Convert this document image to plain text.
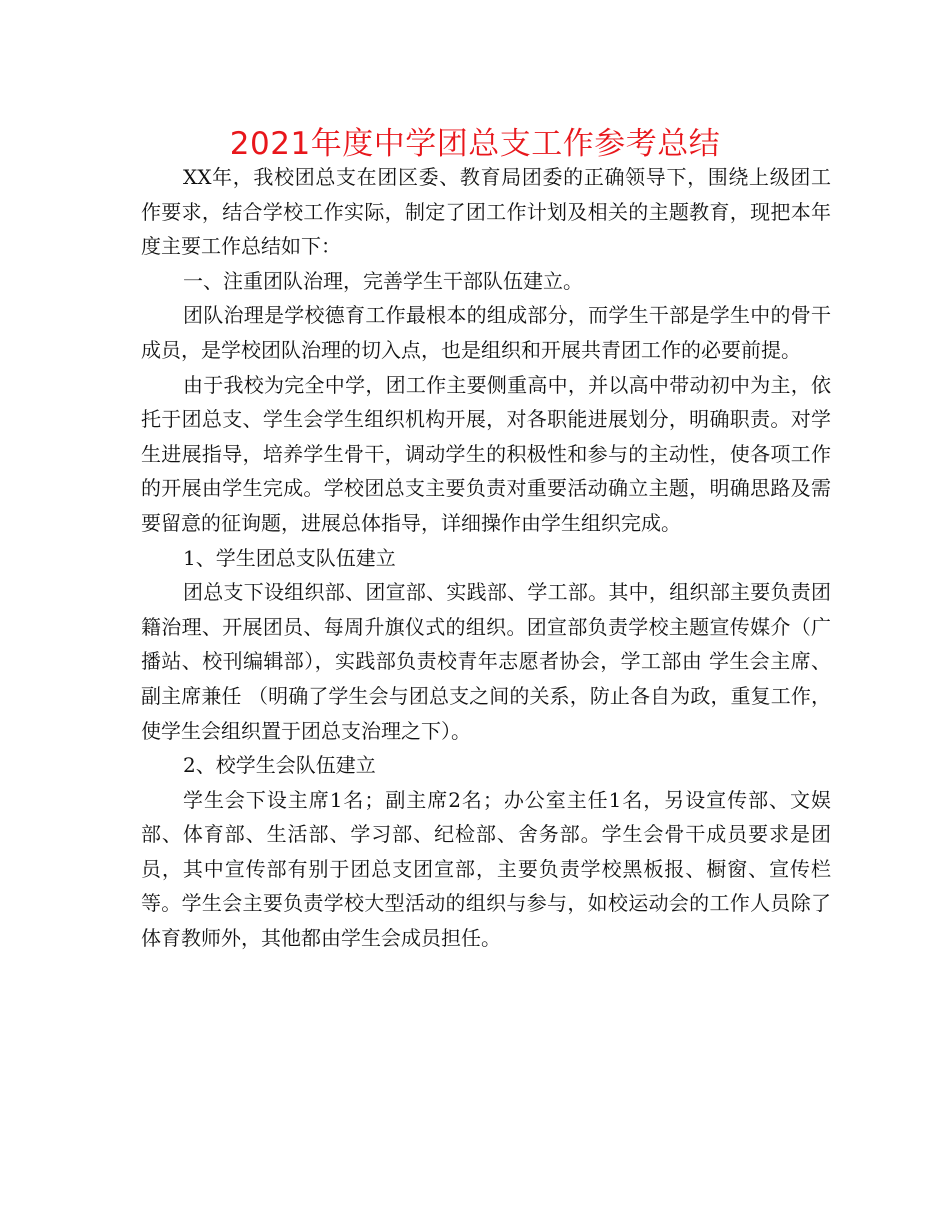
2021年度中学团总支工作参考总结

XX年，我校团总支在团区委、教育局团委的正确领导下，围绕上级团工作要求，结合学校工作实际，制定了团工作计划及相关的主题教育，现把本年度主要工作总结如下：

一、注重团队治理，完善学生干部队伍建立。

团队治理是学校德育工作最根本的组成部分，而学生干部是学生中的骨干成员，是学校团队治理的切入点，也是组织和开展共青团工作的必要前提。

由于我校为完全中学，团工作主要侧重高中，并以高中带动初中为主，依托于团总支、学生会学生组织机构开展，对各职能进展划分，明确职责。对学生进展指导，培养学生骨干，调动学生的积极性和参与的主动性，使各项工作的开展由学生完成。学校团总支主要负责对重要活动确立主题，明确思路及需要留意的征询题，进展总体指导，详细操作由学生组织完成。

1、学生团总支队伍建立

团总支下设组织部、团宣部、实践部、学工部。其中，组织部主要负责团籍治理、开展团员、每周升旗仪式的组织。团宣部负责学校主题宣传媒介（广播站、校刊编辑部），实践部负责校青年志愿者协会，学工部由 学生会主席、副主席兼任 （明确了学生会与团总支之间的关系，防止各自为政，重复工作，使学生会组织置于团总支治理之下）。

2、校学生会队伍建立

学生会下设主席1名；副主席2名；办公室主任1名，另设宣传部、文娱部、体育部、生活部、学习部、纪检部、舍务部。学生会骨干成员要求是团员，其中宣传部有别于团总支团宣部，主要负责学校黑板报、橱窗、宣传栏等。学生会主要负责学校大型活动的组织与参与，如校运动会的工作人员除了体育教师外，其他都由学生会成员担任。
